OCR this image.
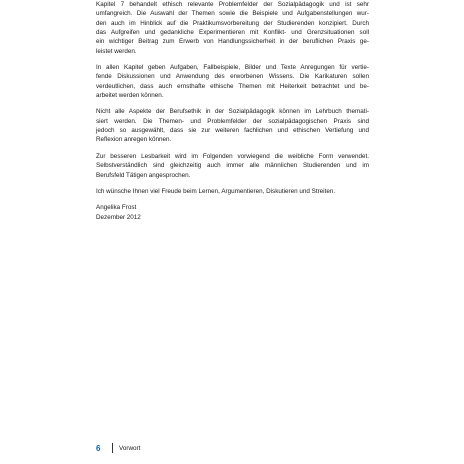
Kapitel 7 behandelt ethisch relevante Problemfelder der Sozialpädagogik und ist sehr
umfangreich. Die Auswahl der Themen sowie die Beispiele und Aufgabenstellungen wur-
den auch im Hinblick auf die Praktikumsvorbereitung der Studierenden konzipiert. Durch
das Aufgreifen und gedankliche Experimentieren mit Konflikt- und Grenzsituationen soll
ein wichtiger Beitrag zum Erwerb von Handlungssicherheit in der beruflichen Praxis ge-
leistet werden.
In allen Kapitel geben Aufgaben, Fallbeispiele, Bilder und Texte Anregungen für vertie-
fende Diskussionen und Anwendung des erworbenen Wissens. Die Karikaturen sollen
verdeutlichen, dass auch ernsthafte ethische Themen mit Heiterkeit betrachtet und be-
arbeitet werden können.
Nicht alle Aspekte der Berufsethik in der Sozialpädagogik können im Lehrbuch themati-
siert werden. Die Themen- und Problemfelder der sozialpädagogischen Praxis sind
jedoch so ausgewählt, dass sie zur weiteren fachlichen und ethischen Vertiefung und
Reflexion anregen können.
Zur besseren Lesbarkeit wird im Folgenden vorwiegend die weibliche Form verwendet.
Selbstverständlich sind gleichzeitig auch immer alle männlichen Studierenden und im
Berufsfeld Tätigen angesprochen.
Ich wünsche Ihnen viel Freude beim Lernen, Argumentieren, Diskutieren und Streiten.
Angelika Frost
Dezember 2012
6	Vorwort
